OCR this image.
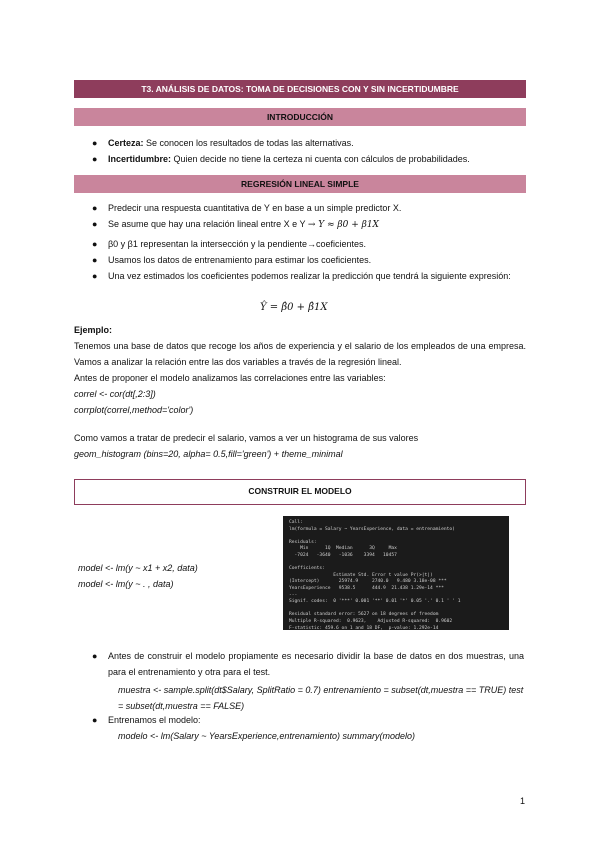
T3. ANÁLISIS DE DATOS: TOMA DE DECISIONES CON Y SIN INCERTIDUMBRE
INTRODUCCIÓN
● Certeza: Se conocen los resultados de todas las alternativas.
● Incertidumbre: Quien decide no tiene la certeza ni cuenta con cálculos de probabilidades.
REGRESIÓN LINEAL SIMPLE
● Predecir una respuesta cuantitativa de Y en base a un simple predictor X.
● Se asume que hay una relación lineal entre X e Y → Y ≈ β0 + β1X
● β0 y β1 representan la intersección y la pendiente→coeficientes.
● Usamos los datos de entrenamiento para estimar los coeficientes.
● Una vez estimados los coeficientes podemos realizar la predicción que tendrá la siguiente expresión:
Ŷ = β̂0 + β̂1X
Ejemplo:
Tenemos una base de datos que recoge los años de experiencia y el salario de los empleados de una empresa. Vamos a analizar la relación entre las dos variables a través de la regresión lineal.
Antes de proponer el modelo analizamos las correlaciones entre las variables:
correl <- cor(dt[,2:3])
corrplot(correl,method='color')
Como vamos a tratar de predecir el salario, vamos a ver un histograma de sus valores
geom_histogram (bins=20, alpha= 0.5,fill='green') + theme_minimal
CONSTRUIR EL MODELO
model <- lm(y ~ x1 + x2, data)
model <- lm(y ~ . , data)
Call:
lm(formula = Salary ~ YearsExperience, data = entrenamiento)

Residuals:
Min      1Q  Median      3Q     Max
-7024   -3640   -1036    3394   10457

Coefficients:
Estimate Std. Error t value Pr(>|t|)
(Intercept)       25974.9     2740.0   9.480 3.18e-08 ***
YearsExperience   9538.5      444.9  21.438 1.29e-14 ***
---
Signif. codes:  0 '***' 0.001 '**' 0.01 '*' 0.05 '.' 0.1 ' ' 1

Residual standard error: 5627 on 18 degrees of freedom
Multiple R-squared:  0.9623,    Adjusted R-squared:  0.9602
F-statistic: 459.6 on 1 and 18 DF,  p-value: 1.292e-14
● Antes de construir el modelo propiamente es necesario dividir la base de datos en dos muestras, una para el entrenamiento y otra para el test.
muestra <- sample.split(dt$Salary, SplitRatio = 0.7) entrenamiento = subset(dt,muestra == TRUE) test = subset(dt,muestra == FALSE)
● Entrenamos el modelo:
modelo <- lm(Salary ~ YearsExperience,entrenamiento) summary(modelo)
1
